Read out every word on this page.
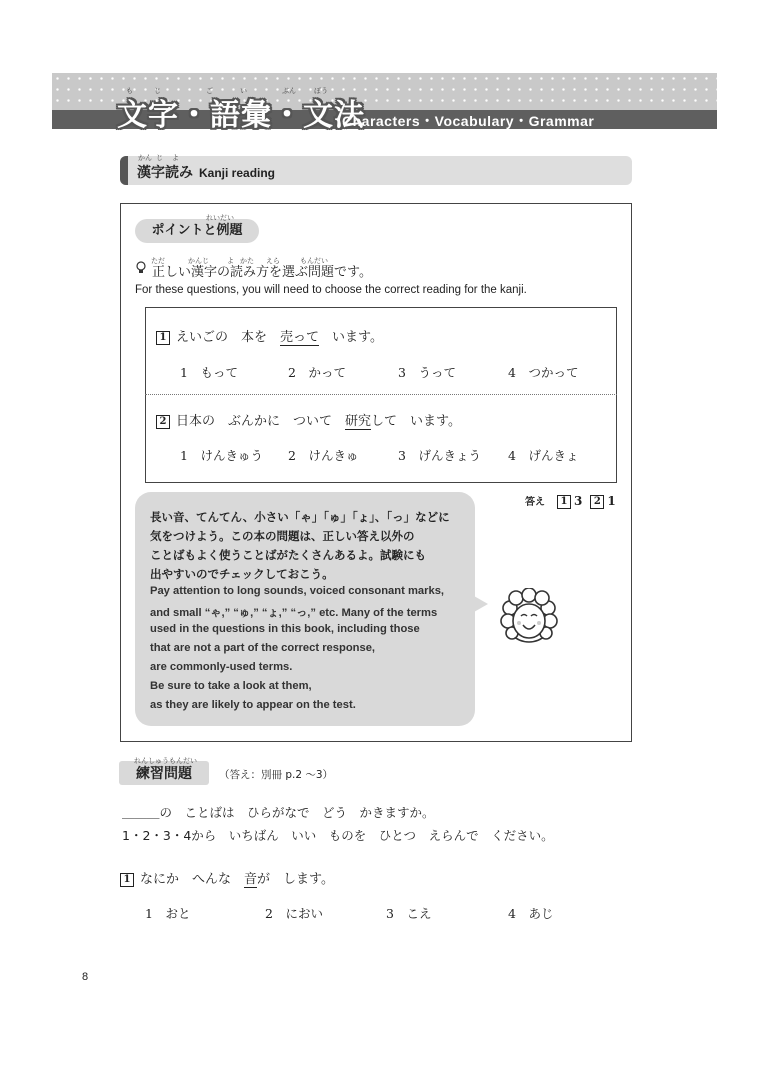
も	じ	ご	い	ぶん	ぽう
文字・語彙・文法
Characters・Vocabulary・Grammar
かん じ よ
漢字読み Kanji reading
ポイントと例題
れいだい
ただ	かん じ	よ かた えら	もんだい
正しい漢字の読み方を選ぶ問題です。
For these questions, you will need to choose the correct reading for the kanji.
1 えいごの　本を　売って　います。
1　もって	2　かって	3　うって	4　つかって
2 日本の　ぶんかに　ついて　研究して　います。
1　けんきゅう 2　けんきゅ	3　げんきょう 4　げんきょ
答え 1 3 2 1
長い音、てんてん、小さい「ゃ」「ゅ」「ょ」、「っ」などに
気をつけよう。この本の問題は、正しい答え以外の
ことばもよく使うことばがたくさんあるよ。試験にも
出やすいのでチェックしておこう。
Pay attention to long sounds, voiced consonant marks,
and small “ゃ,” “ゅ,” “ょ,” “っ,” etc. Many of the terms
used in the questions in this book, including those
that are not a part of the correct response,
are commonly-used terms.
Be sure to take a look at them,
as they are likely to appear on the test.
練習問題
れんしゅうもんだい
（答え：別冊 p.2 〜3）
＿＿＿の　ことばは　ひらがなで　どう　かきますか。
1・2・3・4から　いちばん　いい　ものを　ひとつ　えらんで　ください。
1 なにか　へんな　音が　します。
1　おと	2　におい	3　こえ	4　あじ
8
